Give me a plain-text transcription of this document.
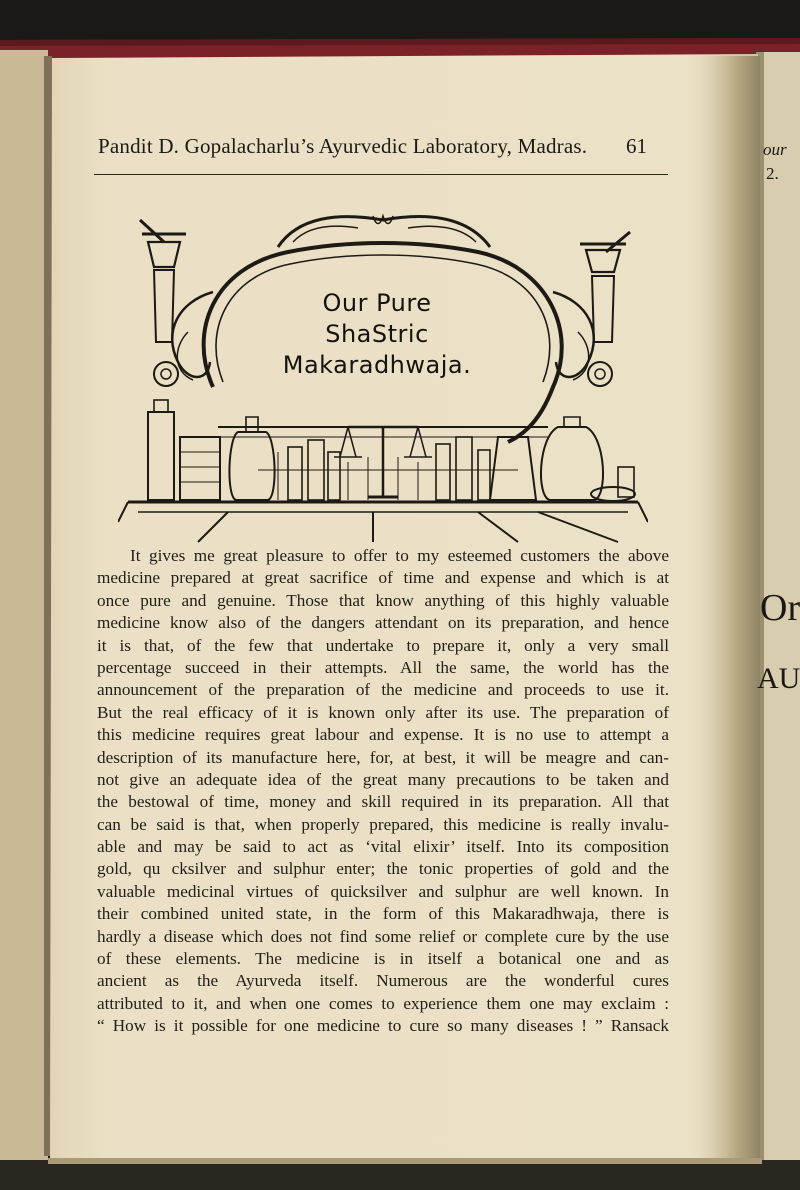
Pandit D. Gopalacharlu’s Ayurvedic Laboratory, Madras.	61
Our Pure
ShaStric
Makaradhwaja.
It gives me great pleasure to offer to my esteemed customers the above
medicine prepared at great sacrifice of time and expense and which is at
once pure and genuine. Those that know anything of this highly valuable
medicine know also of the dangers attendant on its preparation, and hence
it is that, of the few that undertake to prepare it, only a very small
percentage succeed in their attempts. All the same, the world has the
announcement of the preparation of the medicine and proceeds to use it.
But the real efficacy of it is known only after its use. The preparation of
this medicine requires great labour and expense. It is no use to attempt a
description of its manufacture here, for, at best, it will be meagre and can-
not give an adequate idea of the great many precautions to be taken and
the bestowal of time, money and skill required in its preparation. All that
can be said is that, when properly prepared, this medicine is really invalu-
able and may be said to act as ‘vital elixir’ itself. Into its composition
gold, qu cksilver and sulphur enter; the tonic properties of gold and the
valuable medicinal virtues of quicksilver and sulphur are well known. In
their combined united state, in the form of this Makaradhwaja, there is
hardly a disease which does not find some relief or complete cure by the use
of these elements. The medicine is in itself a botanical one and as
ancient as the Ayurveda itself. Numerous are the wonderful cures
attributed to it, and when one comes to experience them one may exclaim :
“ How is it possible for one medicine to cure so many diseases ! ” Ransack
our
2.
Or
AU
